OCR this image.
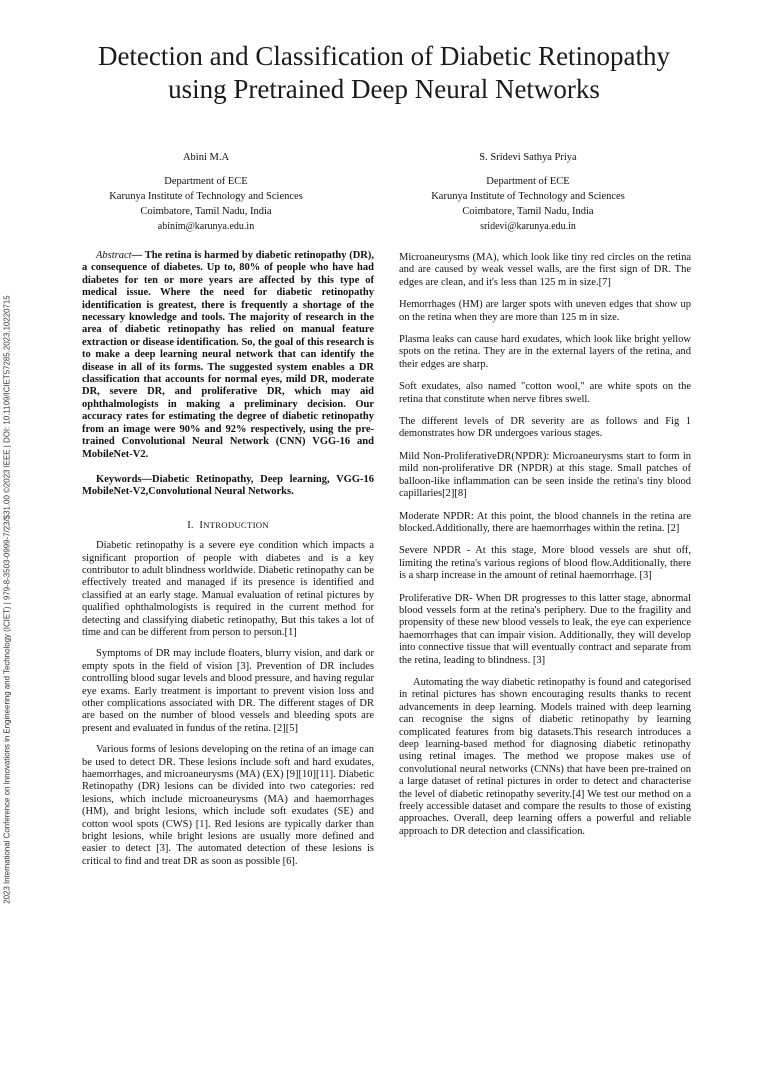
Detection and Classification of Diabetic Retinopathy using Pretrained Deep Neural Networks
Abini M.A
Department of ECE
Karunya Institute of Technology and Sciences
Coimbatore, Tamil Nadu, India
abinim@karunya.edu.in
S. Sridevi Sathya Priya
Department of ECE
Karunya Institute of Technology and Sciences
Coimbatore, Tamil Nadu, India
sridevi@karunya.edu.in
2023 International Conference on Innovations in Engineering and Technology (ICIET) | 979-8-3503-0999-7/23/$31.00 ©2023 IEEE | DOI: 10.1109/ICIET57285.2023.10220715

Abstract— The retina is harmed by diabetic retinopathy (DR), a consequence of diabetes. Up to, 80% of people who have had diabetes for ten or more years are affected by this type of medical issue. Where the need for diabetic retinopathy identification is greatest, there is frequently a shortage of the necessary knowledge and tools. The majority of research in the area of diabetic retinopathy has relied on manual feature extraction or disease identification. So, the goal of this research is to make a deep learning neural network that can identify the disease in all of its forms. The suggested system enables a DR classification that accounts for normal eyes, mild DR, moderate DR, severe DR, and proliferative DR, which may aid ophthalmologists in making a preliminary decision. Our accuracy rates for estimating the degree of diabetic retinopathy from an image were 90% and 92% respectively, using the pre-trained Convolutional Neural Network (CNN) VGG-16 and MobileNet-V2.

Keywords—Diabetic Retinopathy, Deep learning, VGG-16 MobileNet-V2,Convolutional Neural Networks.

I. INTRODUCTION

Diabetic retinopathy is a severe eye condition which impacts a significant proportion of people with diabetes and is a key contributor to adult blindness worldwide. Diabetic retinopathy can be effectively treated and managed if its presence is identified and classified at an early stage. Manual evaluation of retinal pictures by qualified ophthalmologists is required in the current method for detecting and classifying diabetic retinopathy, But this takes a lot of time and can be different from person to person.[1]

Symptoms of DR may include floaters, blurry vision, and dark or empty spots in the field of vision [3]. Prevention of DR includes controlling blood sugar levels and blood pressure, and having regular eye exams. Early treatment is important to prevent vision loss and other complications associated with DR. The different stages of DR are based on the number of blood vessels and bleeding spots are present and evaluated in fundus of the retina. [2][5]

Various forms of lesions developing on the retina of an image can be used to detect DR. These lesions include soft and hard exudates, haemorrhages, and microaneurysms (MA) (EX) [9][10][11]. Diabetic Retinopathy (DR) lesions can be divided into two categories: red lesions, which include microaneurysms (MA) and haemorrhages (HM), and bright lesions, which include soft exudates (SE) and cotton wool spots (CWS) [1]. Red lesions are typically darker than bright lesions, while bright lesions are usually more defined and easier to detect [3]. The automated detection of these lesions is critical to find and treat DR as soon as possible [6].

Microaneurysms (MA), which look like tiny red circles on the retina and are caused by weak vessel walls, are the first sign of DR. The edges are clean, and it's less than 125 m in size.[7]

Hemorrhages (HM) are larger spots with uneven edges that show up on the retina when they are more than 125 m in size.

Plasma leaks can cause hard exudates, which look like bright yellow spots on the retina. They are in the external layers of the retina, and their edges are sharp.

Soft exudates, also named "cotton wool," are white spots on the retina that constitute when nerve fibres swell.

The different levels of DR severity are as follows and Fig 1 demonstrates how DR undergoes various stages.

Mild Non-ProliferativeDR(NPDR): Microaneurysms start to form in mild non-proliferative DR (NPDR) at this stage. Small patches of balloon-like inflammation can be seen inside the retina's tiny blood capillaries[2][8]

Moderate NPDR: At this point, the blood channels in the retina are blocked.Additionally, there are haemorrhages within the retina. [2]

Severe NPDR - At this stage, More blood vessels are shut off, limiting the retina's various regions of blood flow.Additionally, there is a sharp increase in the amount of retinal haemorrhage. [3]

Proliferative DR- When DR progresses to this latter stage, abnormal blood vessels form at the retina's periphery. Due to the fragility and propensity of these new blood vessels to leak, the eye can experience haemorrhages that can impair vision. Additionally, they will develop into connective tissue that will eventually contract and separate from the retina, leading to blindness. [3]

Automating the way diabetic retinopathy is found and categorised in retinal pictures has shown encouraging results thanks to recent advancements in deep learning. Models trained with deep learning can recognise the signs of diabetic retinopathy by learning complicated features from big datasets.This research introduces a deep learning-based method for diagnosing diabetic retinopathy using retinal images. The method we propose makes use of convolutional neural networks (CNNs) that have been pre-trained on a large dataset of retinal pictures in order to detect and characterise the level of diabetic retinopathy severity.[4] We test our method on a freely accessible dataset and compare the results to those of existing approaches. Overall, deep learning offers a powerful and reliable approach to DR detection and classification.
